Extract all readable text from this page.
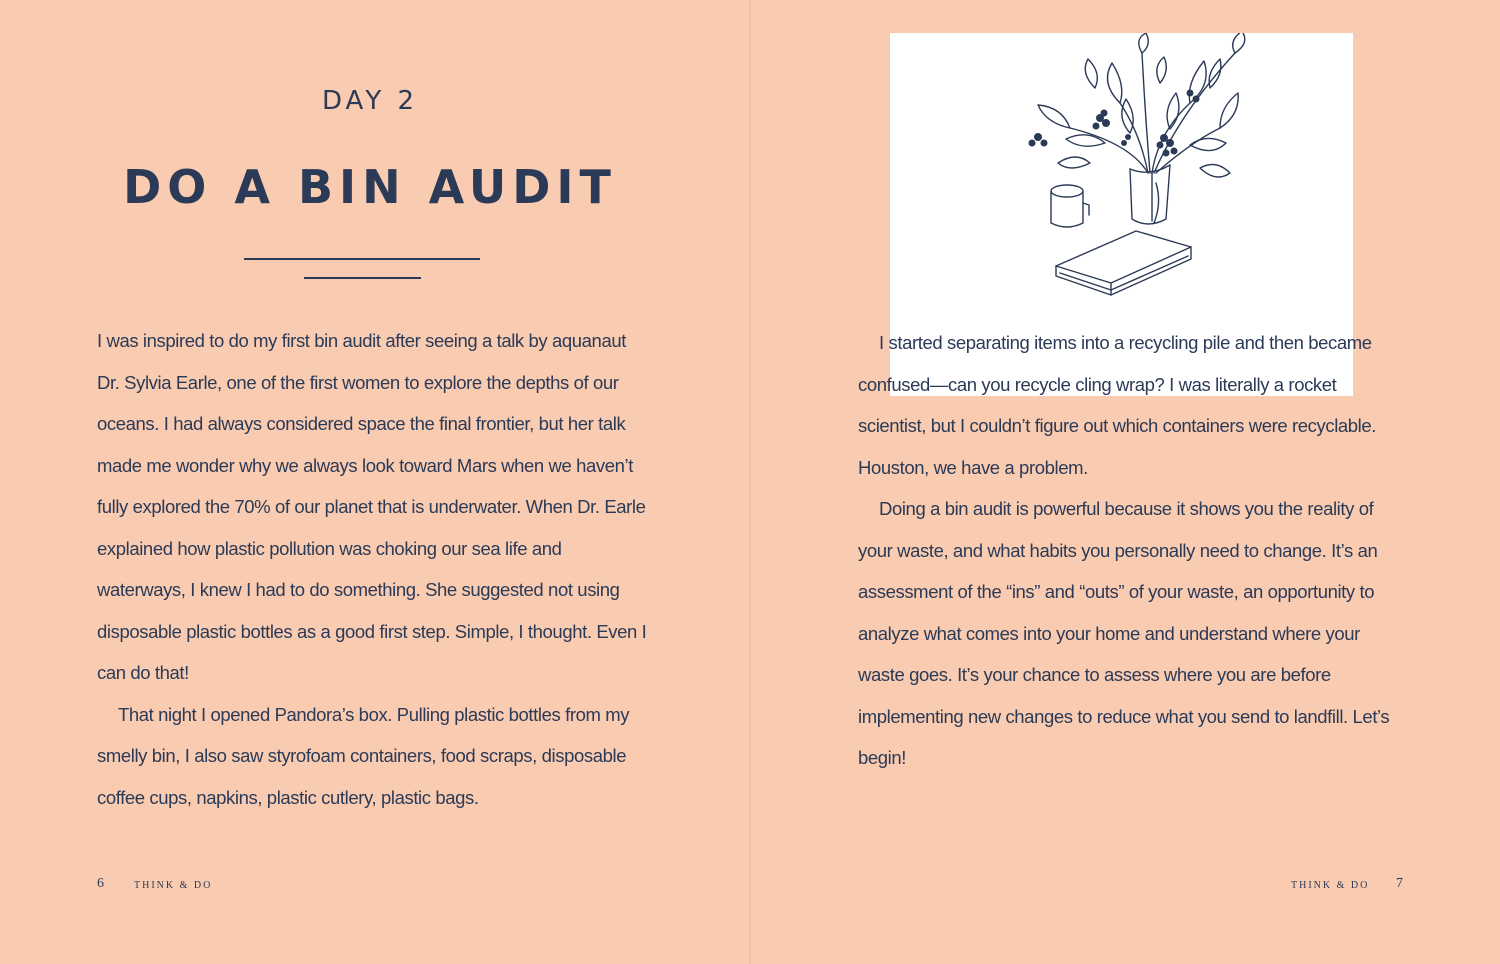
DAY 2
DO A BIN AUDIT

I was inspired to do my first bin audit after seeing a talk by aquanaut Dr. Sylvia Earle, one of the first women to explore the depths of our oceans. I had always considered space the final frontier, but her talk made me wonder why we always look toward Mars when we haven’t fully explored the 70% of our planet that is underwater. When Dr. Earle explained how plastic pollution was choking our sea life and waterways, I knew I had to do something. She suggested not using disposable plastic bottles as a good first step. Simple, I thought. Even I can do that!

That night I opened Pandora’s box. Pulling plastic bottles from my smelly bin, I also saw styrofoam containers, food scraps, disposable coffee cups, napkins, plastic cutlery, plastic bags.

6	THINK & DO

I started separating items into a recycling pile and then became confused—can you recycle cling wrap? I was literally a rocket scientist, but I couldn’t figure out which containers were recyclable. Houston, we have a problem.

Doing a bin audit is powerful because it shows you the reality of your waste, and what habits you personally need to change. It’s an assessment of the “ins” and “outs” of your waste, an opportunity to analyze what comes into your home and understand where your waste goes. It’s your chance to assess where you are before implementing new changes to reduce what you send to landfill. Let’s begin!

THINK & DO 7
